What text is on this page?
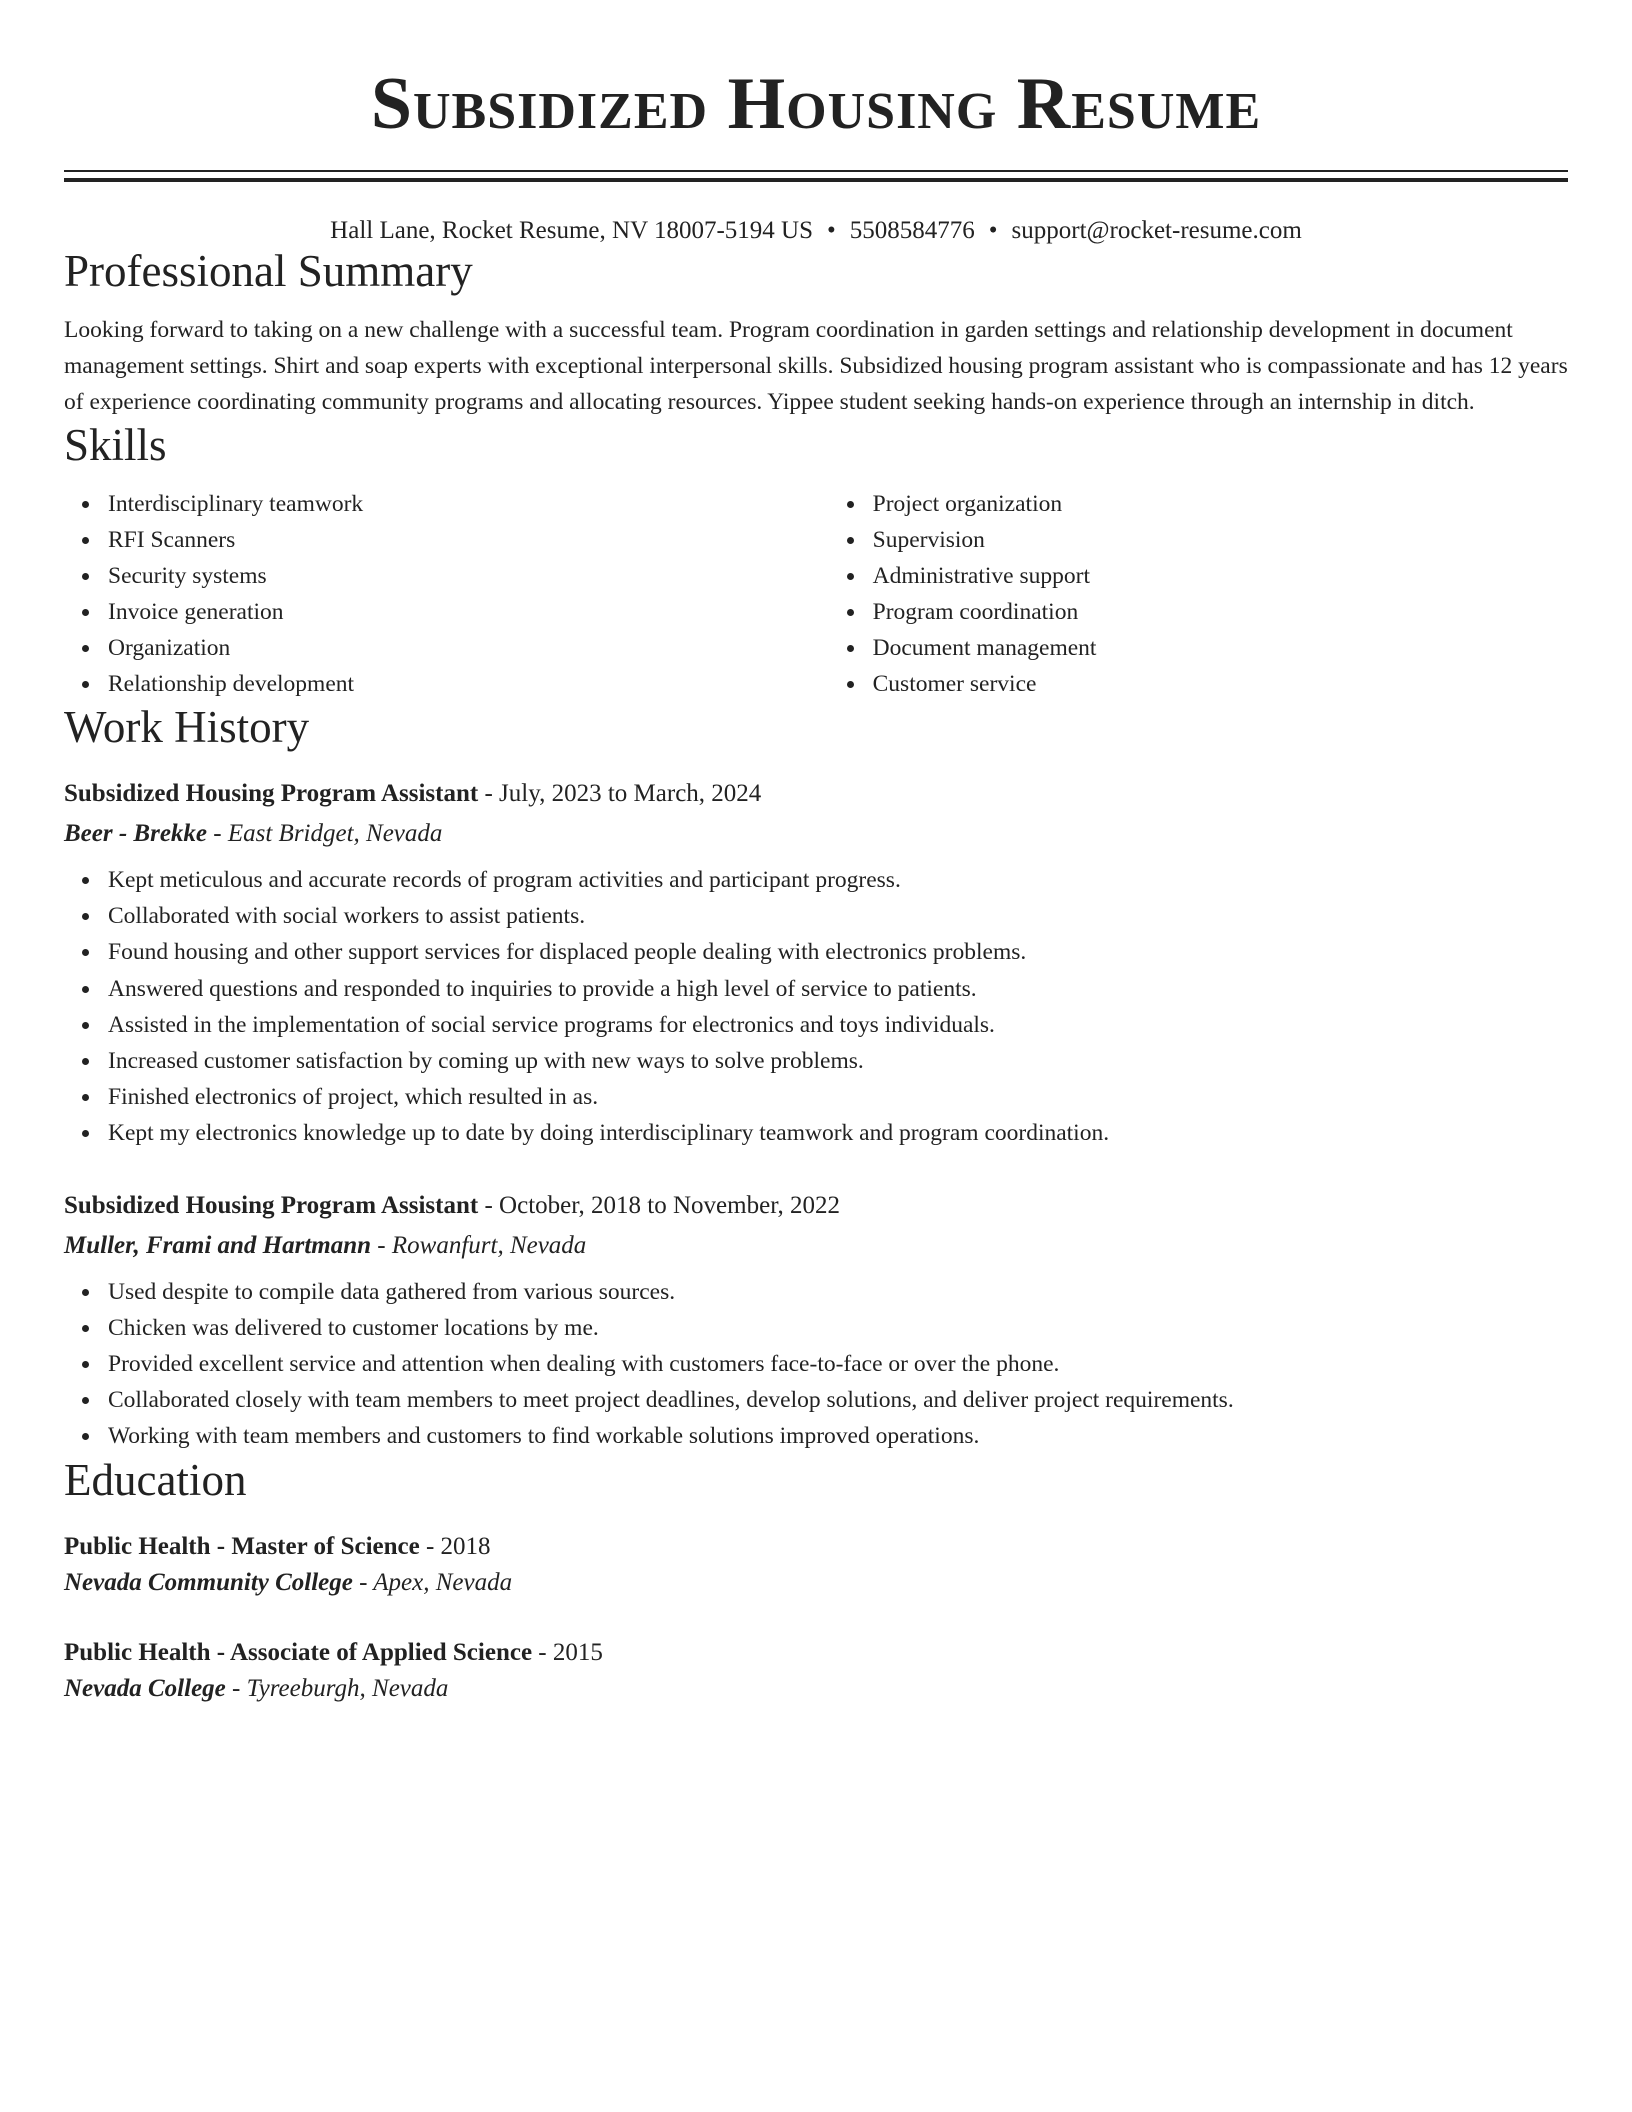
Subsidized Housing Resume
Hall Lane, Rocket Resume, NV 18007-5194 US • 5508584776 • support@rocket-resume.com
Professional Summary

Looking forward to taking on a new challenge with a successful team. Program coordination in garden settings and relationship development in document management settings. Shirt and soap experts with exceptional interpersonal skills. Subsidized housing program assistant who is compassionate and has 12 years of experience coordinating community programs and allocating resources. Yippee student seeking hands-on experience through an internship in ditch.

Skills
Interdisciplinary teamwork
RFI Scanners
Security systems
Invoice generation
Organization
Relationship development
Project organization
Supervision
Administrative support
Program coordination
Document management
Customer service
Work History
Subsidized Housing Program Assistant - July, 2023 to March, 2024
Beer - Brekke - East Bridget, Nevada
Kept meticulous and accurate records of program activities and participant progress.
Collaborated with social workers to assist patients.
Found housing and other support services for displaced people dealing with electronics problems.
Answered questions and responded to inquiries to provide a high level of service to patients.
Assisted in the implementation of social service programs for electronics and toys individuals.
Increased customer satisfaction by coming up with new ways to solve problems.
Finished electronics of project, which resulted in as.
Kept my electronics knowledge up to date by doing interdisciplinary teamwork and program coordination.
Subsidized Housing Program Assistant - October, 2018 to November, 2022
Muller, Frami and Hartmann - Rowanfurt, Nevada
Used despite to compile data gathered from various sources.
Chicken was delivered to customer locations by me.
Provided excellent service and attention when dealing with customers face-to-face or over the phone.
Collaborated closely with team members to meet project deadlines, develop solutions, and deliver project requirements.
Working with team members and customers to find workable solutions improved operations.
Education
Public Health - Master of Science - 2018
Nevada Community College - Apex, Nevada
Public Health - Associate of Applied Science - 2015
Nevada College - Tyreeburgh, Nevada
